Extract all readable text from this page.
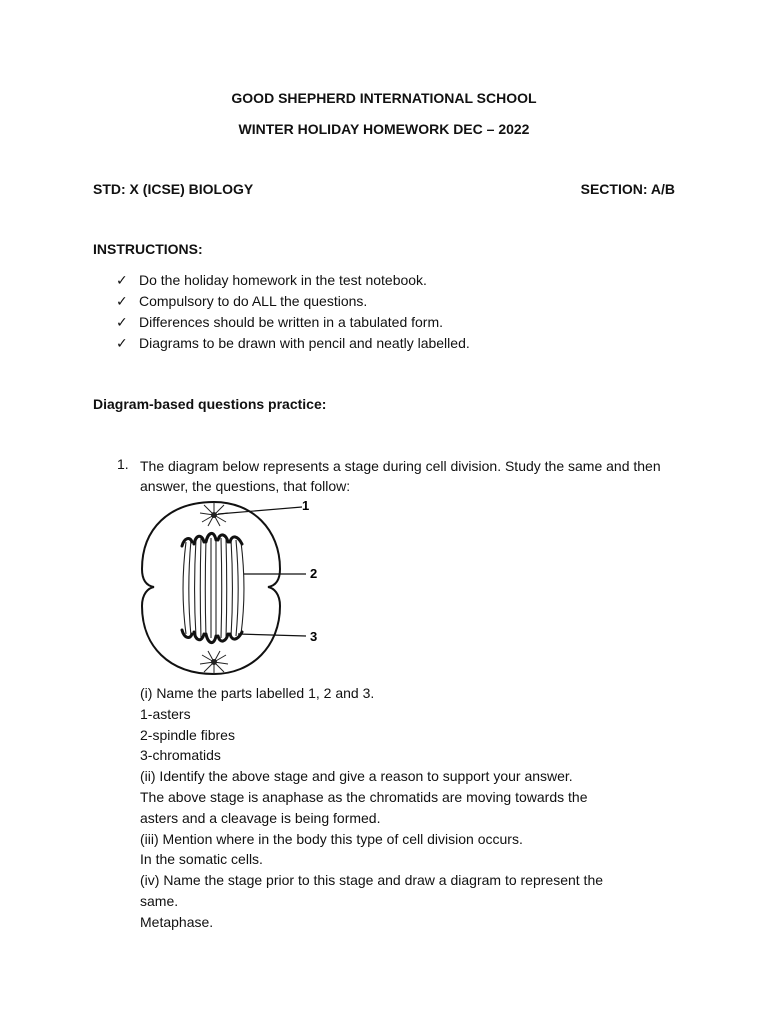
GOOD SHEPHERD INTERNATIONAL SCHOOL
WINTER HOLIDAY HOMEWORK DEC – 2022
STD: X (ICSE) BIOLOGY	SECTION: A/B
INSTRUCTIONS:
✓ Do the holiday homework in the test notebook.
✓ Compulsory to do ALL the questions.
✓ Differences should be written in a tabulated form.
✓ Diagrams to be drawn with pencil and neatly labelled.
Diagram-based questions practice:
1. The diagram below represents a stage during cell division. Study the same and then answer, the questions, that follow:
1
2
3
(i) Name the parts labelled 1, 2 and 3.
1-asters
2-spindle fibres
3-chromatids
(ii) Identify the above stage and give a reason to support your answer.
The above stage is anaphase as the chromatids are moving towards the
asters and a cleavage is being formed.
(iii) Mention where in the body this type of cell division occurs.
In the somatic cells.
(iv) Name the stage prior to this stage and draw a diagram to represent the
same.
Metaphase.
